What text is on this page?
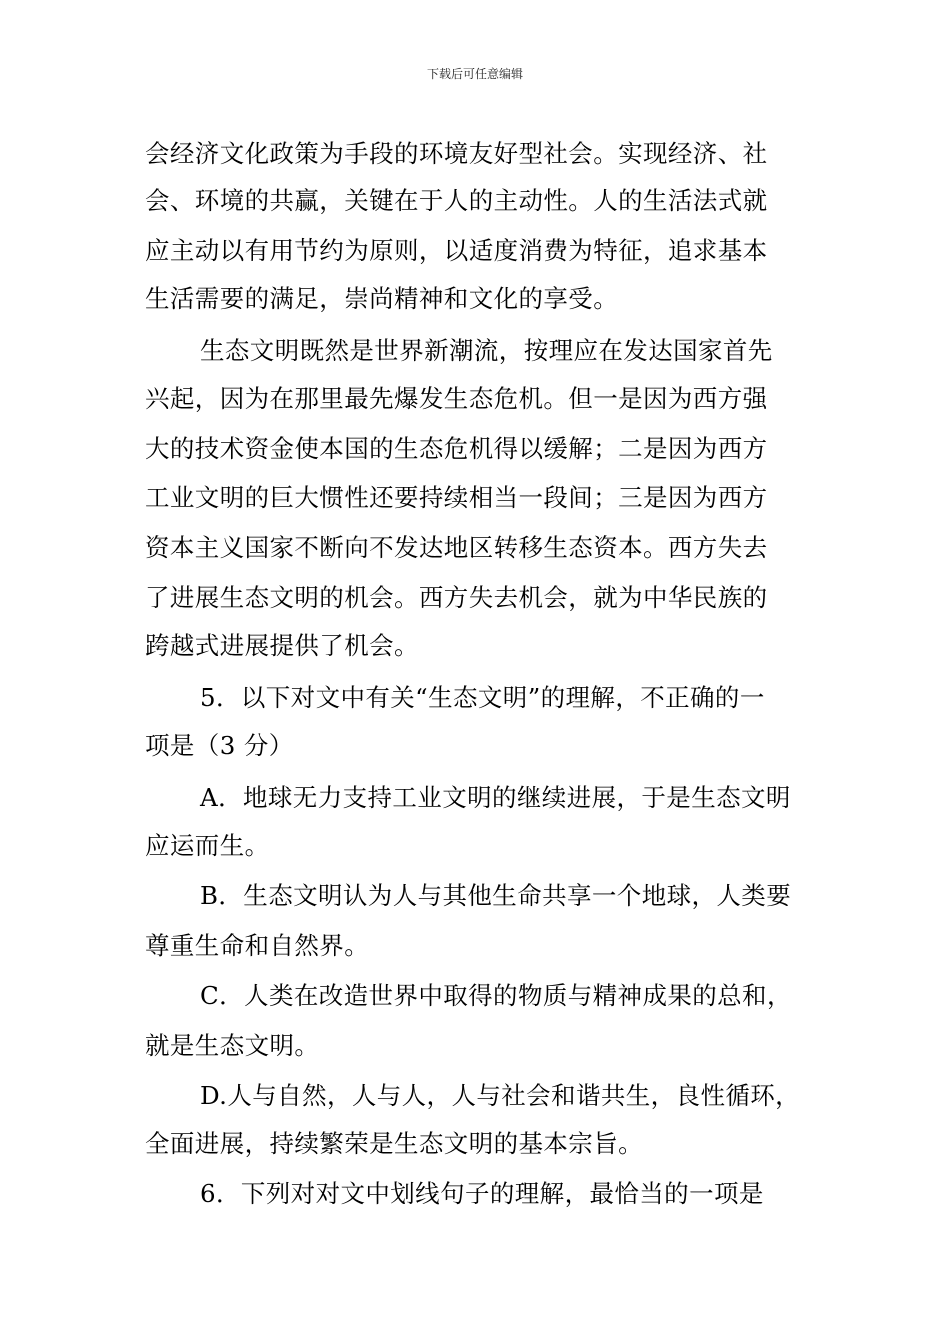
下载后可任意编辑
会经济文化政策为手段的环境友好型社会。实现经济、社
会、环境的共赢，关键在于人的主动性。人的生活法式就
应主动以有用节约为原则，以适度消费为特征，追求基本
生活需要的满足，崇尚精神和文化的享受。
生态文明既然是世界新潮流，按理应在发达国家首先
兴起，因为在那里最先爆发生态危机。但一是因为西方强
大的技术资金使本国的生态危机得以缓解；二是因为西方
工业文明的巨大惯性还要持续相当一段间；三是因为西方
资本主义国家不断向不发达地区转移生态资本。西方失去
了进展生态文明的机会。西方失去机会，就为中华民族的
跨越式进展提供了机会。
5．以下对文中有关“生态文明”的理解，不正确的一
项是（3 分）
A．地球无力支持工业文明的继续进展，于是生态文明
应运而生。
B．生态文明认为人与其他生命共享一个地球，人类要
尊重生命和自然界。
C．人类在改造世界中取得的物质与精神成果的总和，
就是生态文明。
D.人与自然，人与人，人与社会和谐共生，良性循环，
全面进展，持续繁荣是生态文明的基本宗旨。
6．下列对对文中划线句子的理解，最恰当的一项是
